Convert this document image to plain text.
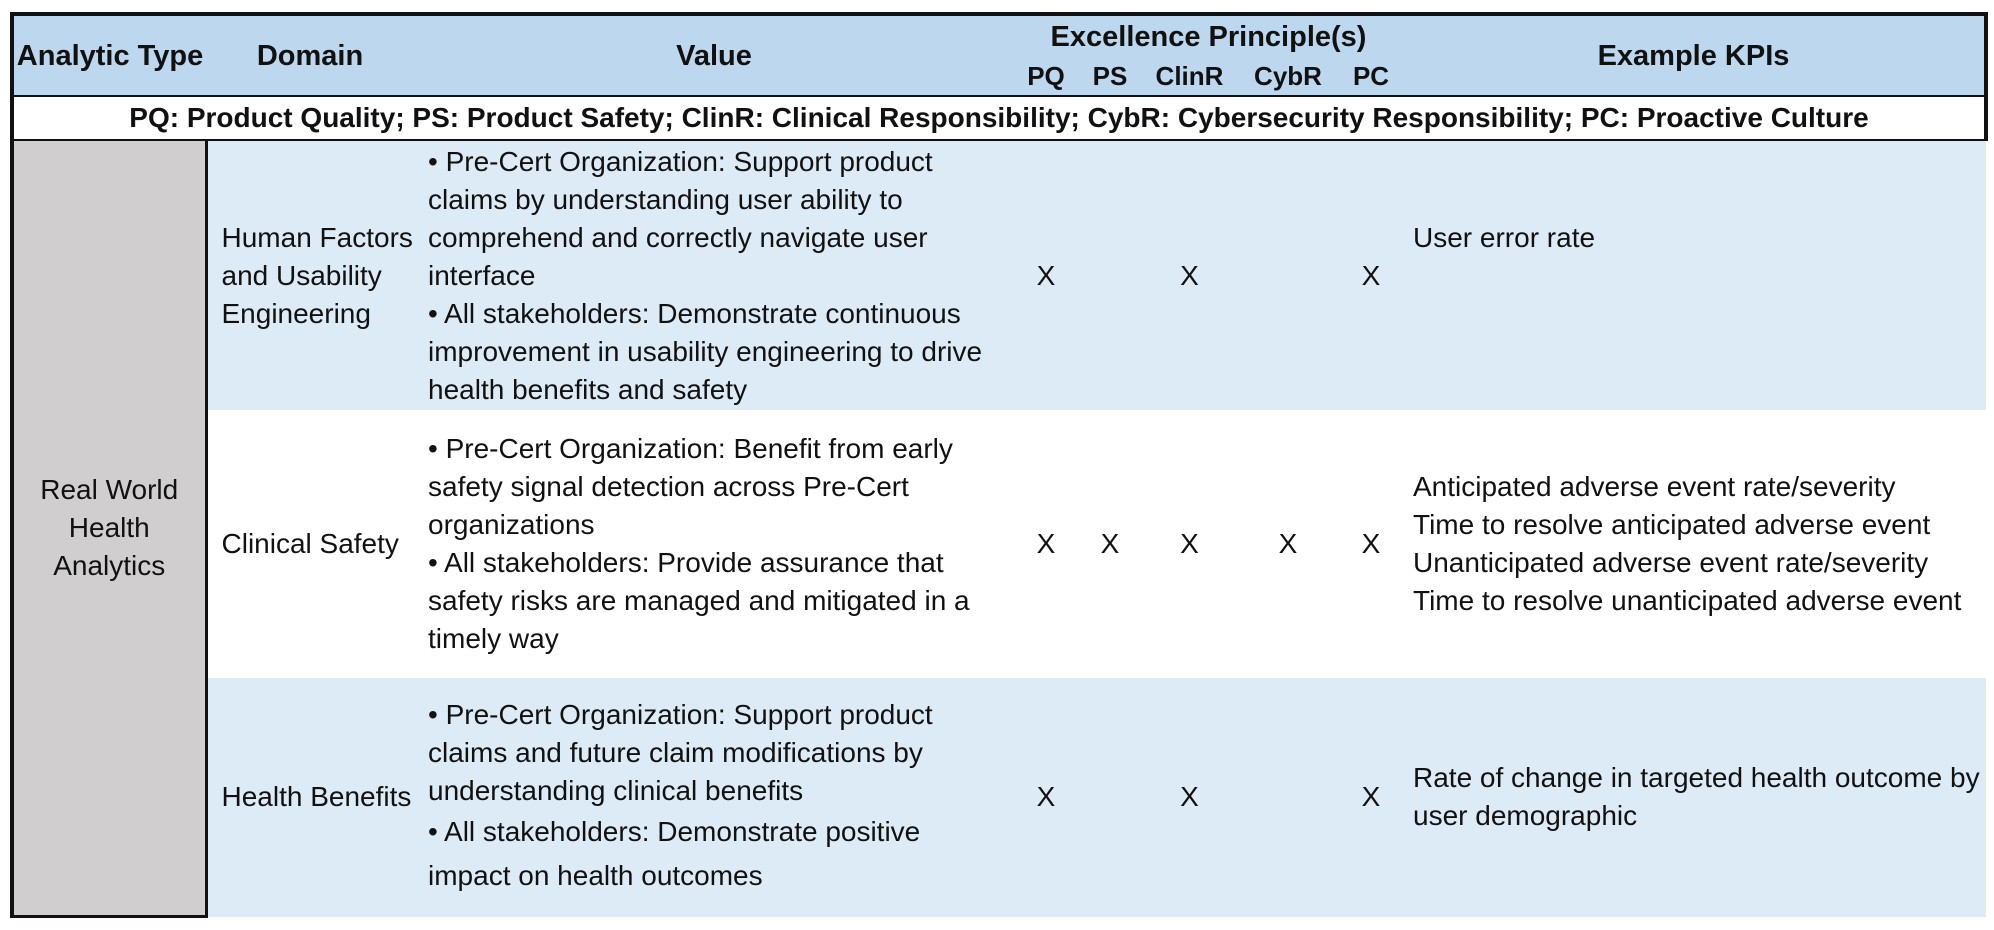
Analytic Type	Domain	Value	Excellence Principle(s)					Example KPIs
			PQ	PS	ClinR	CybR	PC	
PQ: Product Quality; PS: Product Safety; ClinR: Clinical Responsibility; CybR: Cybersecurity Responsibility; PC: Proactive Culture								
Real World Health Analytics	Human Factors and Usability Engineering	• Pre-Cert Organization: Support product claims by understanding user ability to comprehend and correctly navigate user interface
• All stakeholders: Demonstrate continuous improvement in usability engineering to drive health benefits and safety	X		X		X	User error rate

	Clinical Safety	• Pre-Cert Organization: Benefit from early safety signal detection across Pre-Cert organizations
• All stakeholders: Provide assurance that safety risks are managed and mitigated in a timely way	X	X	X	X	X	Anticipated adverse event rate/severity
Time to resolve anticipated adverse event
Unanticipated adverse event rate/severity
Time to resolve unanticipated adverse event

	Health Benefits	• Pre-Cert Organization: Support product claims and future claim modifications by understanding clinical benefits
• All stakeholders: Demonstrate positive impact on health outcomes	X		X		X	Rate of change in targeted health outcome by user demographic
